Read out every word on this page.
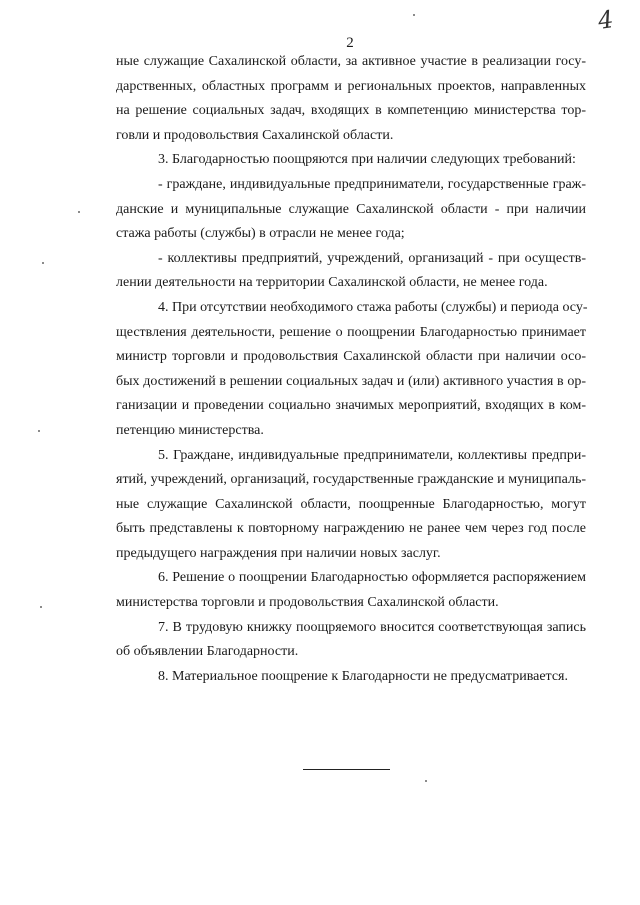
4
2
ные служащие Сахалинской области, за активное участие в реализации госу-
дарственных, областных программ и региональных проектов, направленных
на решение социальных задач, входящих в компетенцию министерства тор-
говли и продовольствия Сахалинской области.
3. Благодарностью поощряются при наличии следующих требований:
- граждане, индивидуальные предприниматели, государственные граж-
данские и муниципальные служащие Сахалинской области - при наличии
стажа работы (службы) в отрасли не менее года;
- коллективы предприятий, учреждений, организаций - при осуществ-
лении деятельности на территории Сахалинской области, не менее года.
4. При отсутствии необходимого стажа работы (службы) и периода осу-
ществления деятельности, решение о поощрении Благодарностью принимает
министр торговли и продовольствия Сахалинской области при наличии осо-
бых достижений в решении социальных задач и (или) активного участия в ор-
ганизации и проведении социально значимых мероприятий, входящих в ком-
петенцию министерства.
5. Граждане, индивидуальные предприниматели, коллективы предпри-
ятий, учреждений, организаций, государственные гражданские и муниципаль-
ные служащие Сахалинской области, поощренные Благодарностью, могут
быть представлены к повторному награждению не ранее чем через год после
предыдущего награждения при наличии новых заслуг.
6. Решение о поощрении Благодарностью оформляется распоряжением
министерства торговли и продовольствия Сахалинской области.
7. В трудовую книжку поощряемого вносится соответствующая запись
об объявлении Благодарности.
8. Материальное поощрение к Благодарности не предусматривается.
